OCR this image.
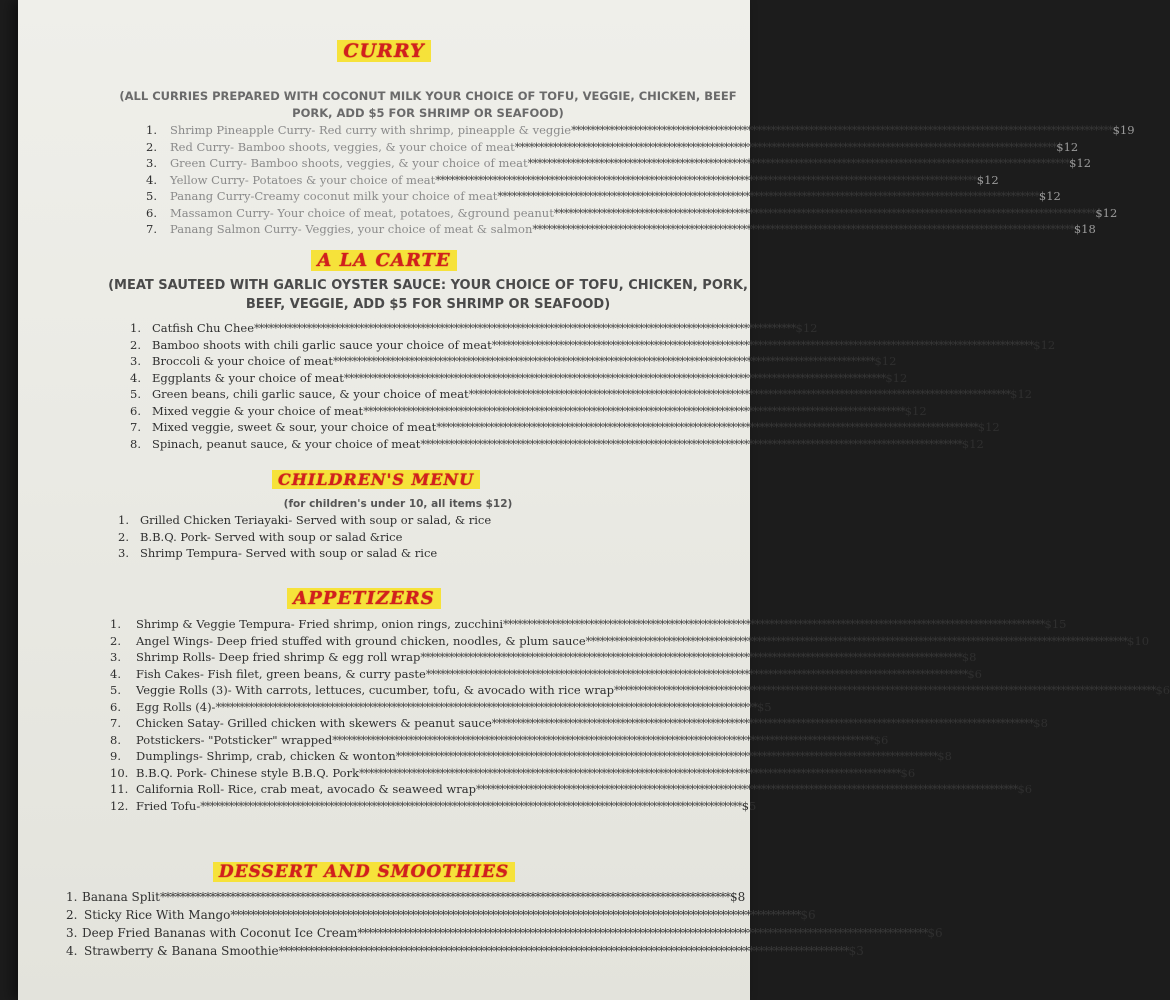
CURRY
(ALL CURRIES PREPARED WITH COCONUT MILK YOUR CHOICE OF TOFU, VEGGIE, CHICKEN, BEEF
PORK, ADD $5 FOR SHRIMP OR SEAFOOD)
1.	Shrimp Pineapple Curry- Red curry with shrimp, pineapple & veggie *****	$19
2.	Red Curry- Bamboo shoots, veggies, & your choice of meat *****	$12
3.	Green Curry- Bamboo shoots, veggies, & your choice of meat *****	$12
4.	Yellow Curry- Potatoes & your choice of meat *****	$12
5.	Panang Curry-Creamy coconut milk your choice of meat *****	$12
6.	Massamon Curry- Your choice of meat, potatoes, &ground peanut *****	$12
7.	Panang Salmon Curry- Veggies, your choice of meat & salmon *****	$18
A LA CARTE
(MEAT SAUTEED WITH GARLIC OYSTER SAUCE: YOUR CHOICE OF TOFU, CHICKEN, PORK,
BEEF, VEGGIE, ADD $5 FOR SHRIMP OR SEAFOOD)
1. Catfish Chu Chee *****	$12
2. Bamboo shoots with chili garlic sauce your choice of meat *****	$12
3. Broccoli & your choice of meat *****	$12
4. Eggplants & your choice of meat *****	$12
5. Green beans, chili garlic sauce, & your choice of meat *****	$12
6. Mixed veggie & your choice of meat *****	$12
7. Mixed veggie, sweet & sour, your choice of meat *****	$12
8. Spinach, peanut sauce, & your choice of meat *****	$12
CHILDREN'S MENU
(for children's under 10, all items $12)
1. Grilled Chicken Teriayaki- Served with soup or salad, & rice
2. B.B.Q. Pork- Served with soup or salad &rice
3. Shrimp Tempura- Served with soup or salad & rice
APPETIZERS
1.	Shrimp & Veggie Tempura- Fried shrimp, onion rings, zucchini *****	$15
2.	Angel Wings- Deep fried stuffed with ground chicken, noodles, & plum sauce *****	$10
3.	Shrimp Rolls- Deep fried shrimp & egg roll wrap *****	$8
4.	Fish Cakes- Fish filet, green beans, & curry paste *****	$6
5.	Veggie Rolls (3)- With carrots, lettuces, cucumber, tofu, & avocado with rice wrap *****	$6
6.	Egg Rolls (4)- *****	$5
7.	Chicken Satay- Grilled chicken with skewers & peanut sauce *****	$8
8.	Potstickers- "Potsticker" wrapped *****	$6
9.	Dumplings- Shrimp, crab, chicken & wonton *****	$8
10. B.B.Q. Pork- Chinese style B.B.Q. Pork *****	$6
11. California Roll- Rice, crab meat, avocado & seaweed wrap *****	$6
12. Fried Tofu- *****	$5
DESSERT AND SMOOTHIES
1. Banana Split *****	$8
2. Sticky Rice With Mango *****	$6
3. Deep Fried Bananas with Coconut Ice Cream *****	$6
4. Strawberry & Banana Smoothie *****	$3
